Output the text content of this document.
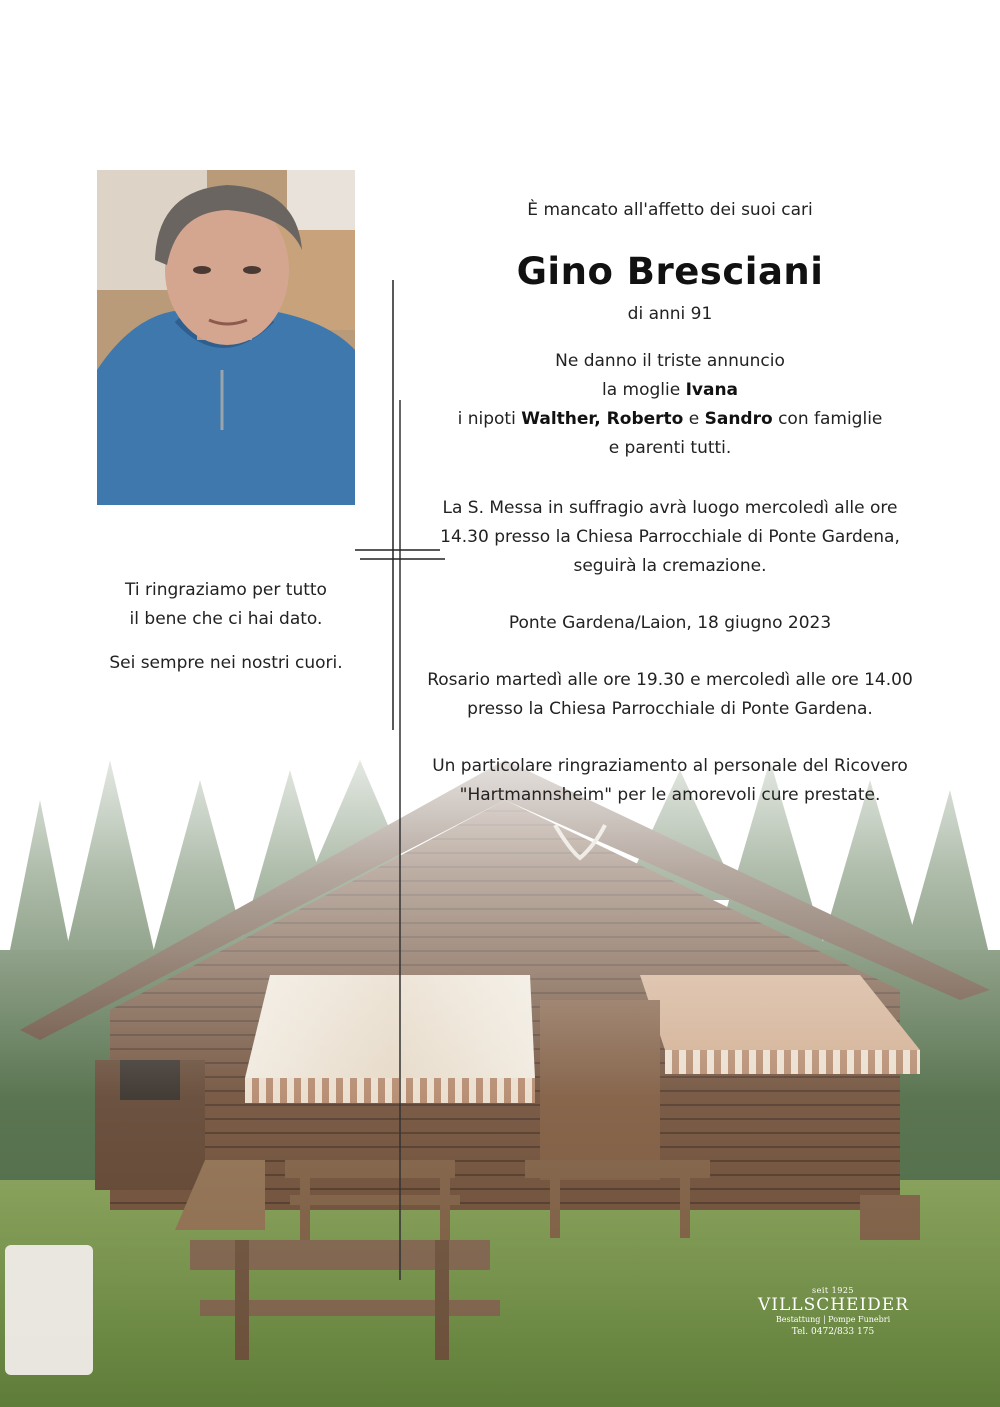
È mancato all'affetto dei suoi cari
Gino Bresciani
di anni 91
Ne danno il triste annuncio
la moglie Ivana
i nipoti Walther, Roberto e Sandro con famiglie
e parenti tutti.
La S. Messa in suffragio avrà luogo mercoledì alle ore
14.30 presso la Chiesa Parrocchiale di Ponte Gardena,
seguirà la cremazione.
Ponte Gardena/Laion, 18 giugno 2023
Rosario martedì alle ore 19.30 e mercoledì alle ore 14.00
presso la Chiesa Parrocchiale di Ponte Gardena.
Un particolare ringraziamento al personale del Ricovero
"Hartmannsheim" per le amorevoli cure prestate.
Ti ringraziamo per tutto
il bene che ci hai dato.
Sei sempre nei nostri cuori.
seit 1925
VILLSCHEIDER
Bestattung | Pompe Funebri
Tel. 0472/833 175
